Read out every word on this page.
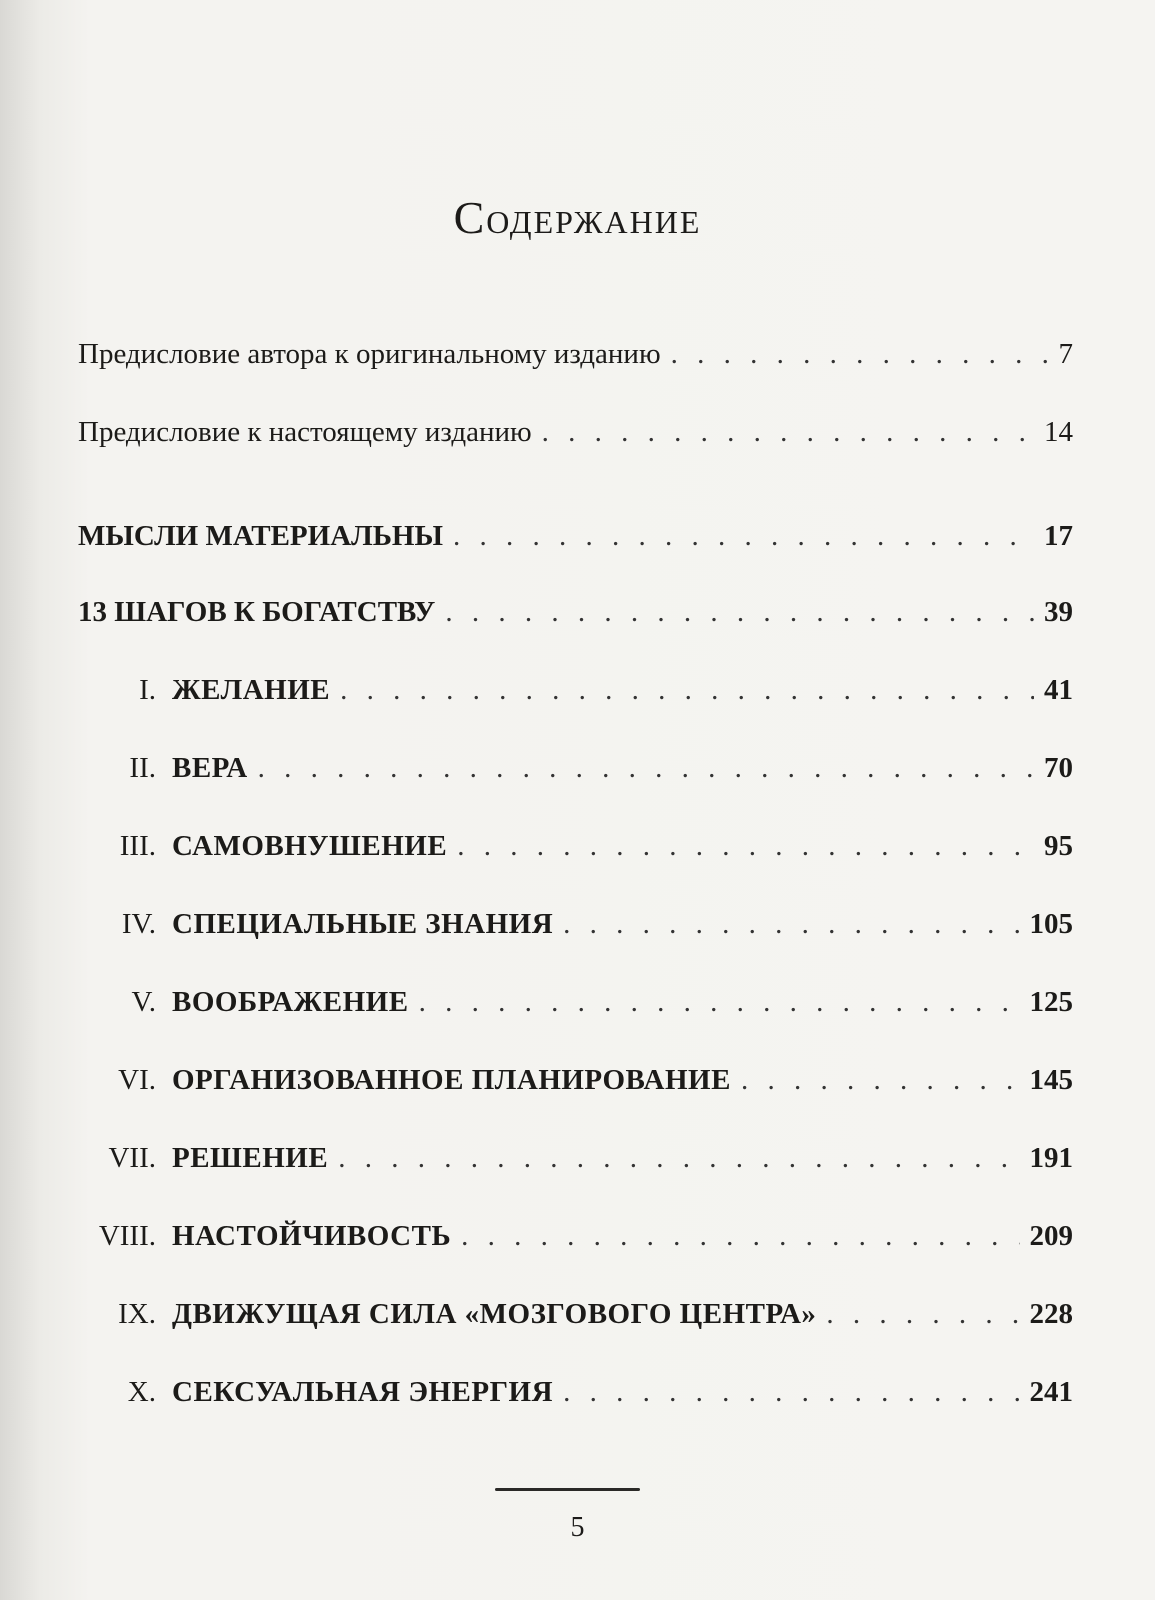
Содержание
Предисловие автора к оригинальному изданию . . .	7
Предисловие к настоящему изданию . . .	14
МЫСЛИ МАТЕРИАЛЬНЫ . . .	17
13 ШАГОВ К БОГАТСТВУ . . .	39
I. ЖЕЛАНИЕ . . .	41
II. ВЕРА . . .	70
III. САМОВНУШЕНИЕ . . .	95
IV. СПЕЦИАЛЬНЫЕ ЗНАНИЯ . . .	105
V. ВООБРАЖЕНИЕ . . .	125
VI. ОРГАНИЗОВАННОЕ ПЛАНИРОВАНИЕ . . .	145
VII. РЕШЕНИЕ . . .	191
VIII. НАСТОЙЧИВОСТЬ . . .	209
IX. ДВИЖУЩАЯ СИЛА «МОЗГОВОГО ЦЕНТРА» . . .	228
X. СЕКСУАЛЬНАЯ ЭНЕРГИЯ . . .	241
5
